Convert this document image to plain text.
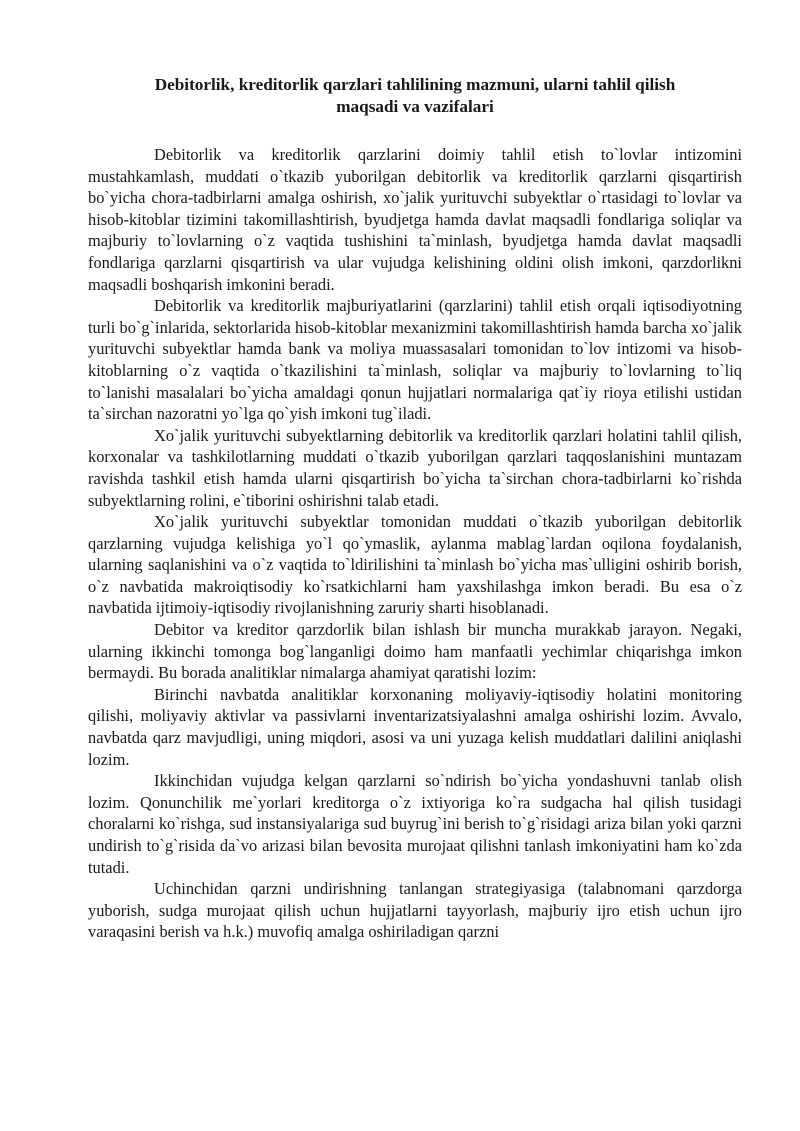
Debitorlik, kreditorlik qarzlari tahlilining mazmuni, ularni tahlil qilish
maqsadi va vazifalari

Debitorlik va kreditorlik qarzlarini doimiy tahlil etish to`lovlar intizomini mustahkamlash, muddati o`tkazib yuborilgan debitorlik va kreditorlik qarzlarni qisqartirish bo`yicha chora-tadbirlarni amalga oshirish, xo`jalik yurituvchi subyektlar o`rtasidagi to`lovlar va hisob-kitoblar tizimini takomillashtirish, byudjetga hamda davlat maqsadli fondlariga soliqlar va majburiy to`lovlarning o`z vaqtida tushishini ta`minlash, byudjetga hamda davlat maqsadli fondlariga qarzlarni qisqartirish va ular vujudga kelishining oldini olish imkoni, qarzdorlikni maqsadli boshqarish imkonini beradi.

Debitorlik va kreditorlik majburiyatlarini (qarzlarini) tahlil etish orqali iqtisodiyotning turli bo`g`inlarida, sektorlarida hisob-kitoblar mexanizmini takomillashtirish hamda barcha xo`jalik yurituvchi subyektlar hamda bank va moliya muassasalari tomonidan to`lov intizomi va hisob-kitoblarning o`z vaqtida o`tkazilishini ta`minlash, soliqlar va majburiy to`lovlarning to`liq to`lanishi masalalari bo`yicha amaldagi qonun hujjatlari normalariga qat`iy rioya etilishi ustidan ta`sirchan nazoratni yo`lga qo`yish imkoni tug`iladi.

Xo`jalik yurituvchi subyektlarning debitorlik va kreditorlik qarzlari holatini tahlil qilish, korxonalar va tashkilotlarning muddati o`tkazib yuborilgan qarzlari taqqoslanishini muntazam ravishda tashkil etish hamda ularni qisqartirish bo`yicha ta`sirchan chora-tadbirlarni ko`rishda subyektlarning rolini, e`tiborini oshirishni talab etadi.

Xo`jalik yurituvchi subyektlar tomonidan muddati o`tkazib yuborilgan debitorlik qarzlarning vujudga kelishiga yo`l qo`ymaslik, aylanma mablag`lardan oqilona foydalanish, ularning saqlanishini va o`z vaqtida to`ldirilishini ta`minlash bo`yicha mas`ulligini oshirib borish, o`z navbatida makroiqtisodiy ko`rsatkichlarni ham yaxshilashga imkon beradi. Bu esa o`z navbatida ijtimoiy-iqtisodiy rivojlanishning zaruriy sharti hisoblanadi.

Debitor va kreditor qarzdorlik bilan ishlash bir muncha murakkab jarayon. Negaki, ularning ikkinchi tomonga bog`langanligi doimo ham manfaatli yechimlar chiqarishga imkon bermaydi. Bu borada analitiklar nimalarga ahamiyat qaratishi lozim:

Birinchi navbatda analitiklar korxonaning moliyaviy-iqtisodiy holatini monitoring qilishi, moliyaviy aktivlar va passivlarni inventarizatsiyalashni amalga oshirishi lozim. Avvalo, navbatda qarz mavjudligi, uning miqdori, asosi va uni yuzaga kelish muddatlari dalilini aniqlashi lozim.

Ikkinchidan vujudga kelgan qarzlarni so`ndirish bo`yicha yondashuvni tanlab olish lozim. Qonunchilik me`yorlari kreditorga o`z ixtiyoriga ko`ra sudgacha hal qilish tusidagi choralarni ko`rishga, sud instansiyalariga sud buyrug`ini berish to`g`risidagi ariza bilan yoki qarzni undirish to`g`risida da`vo arizasi bilan bevosita murojaat qilishni tanlash imkoniyatini ham ko`zda tutadi.

Uchinchidan qarzni undirishning tanlangan strategiyasiga (talabnomani qarzdorga yuborish, sudga murojaat qilish uchun hujjatlarni tayyorlash, majburiy ijro etish uchun ijro varaqasini berish va h.k.) muvofiq amalga oshiriladigan qarzni
